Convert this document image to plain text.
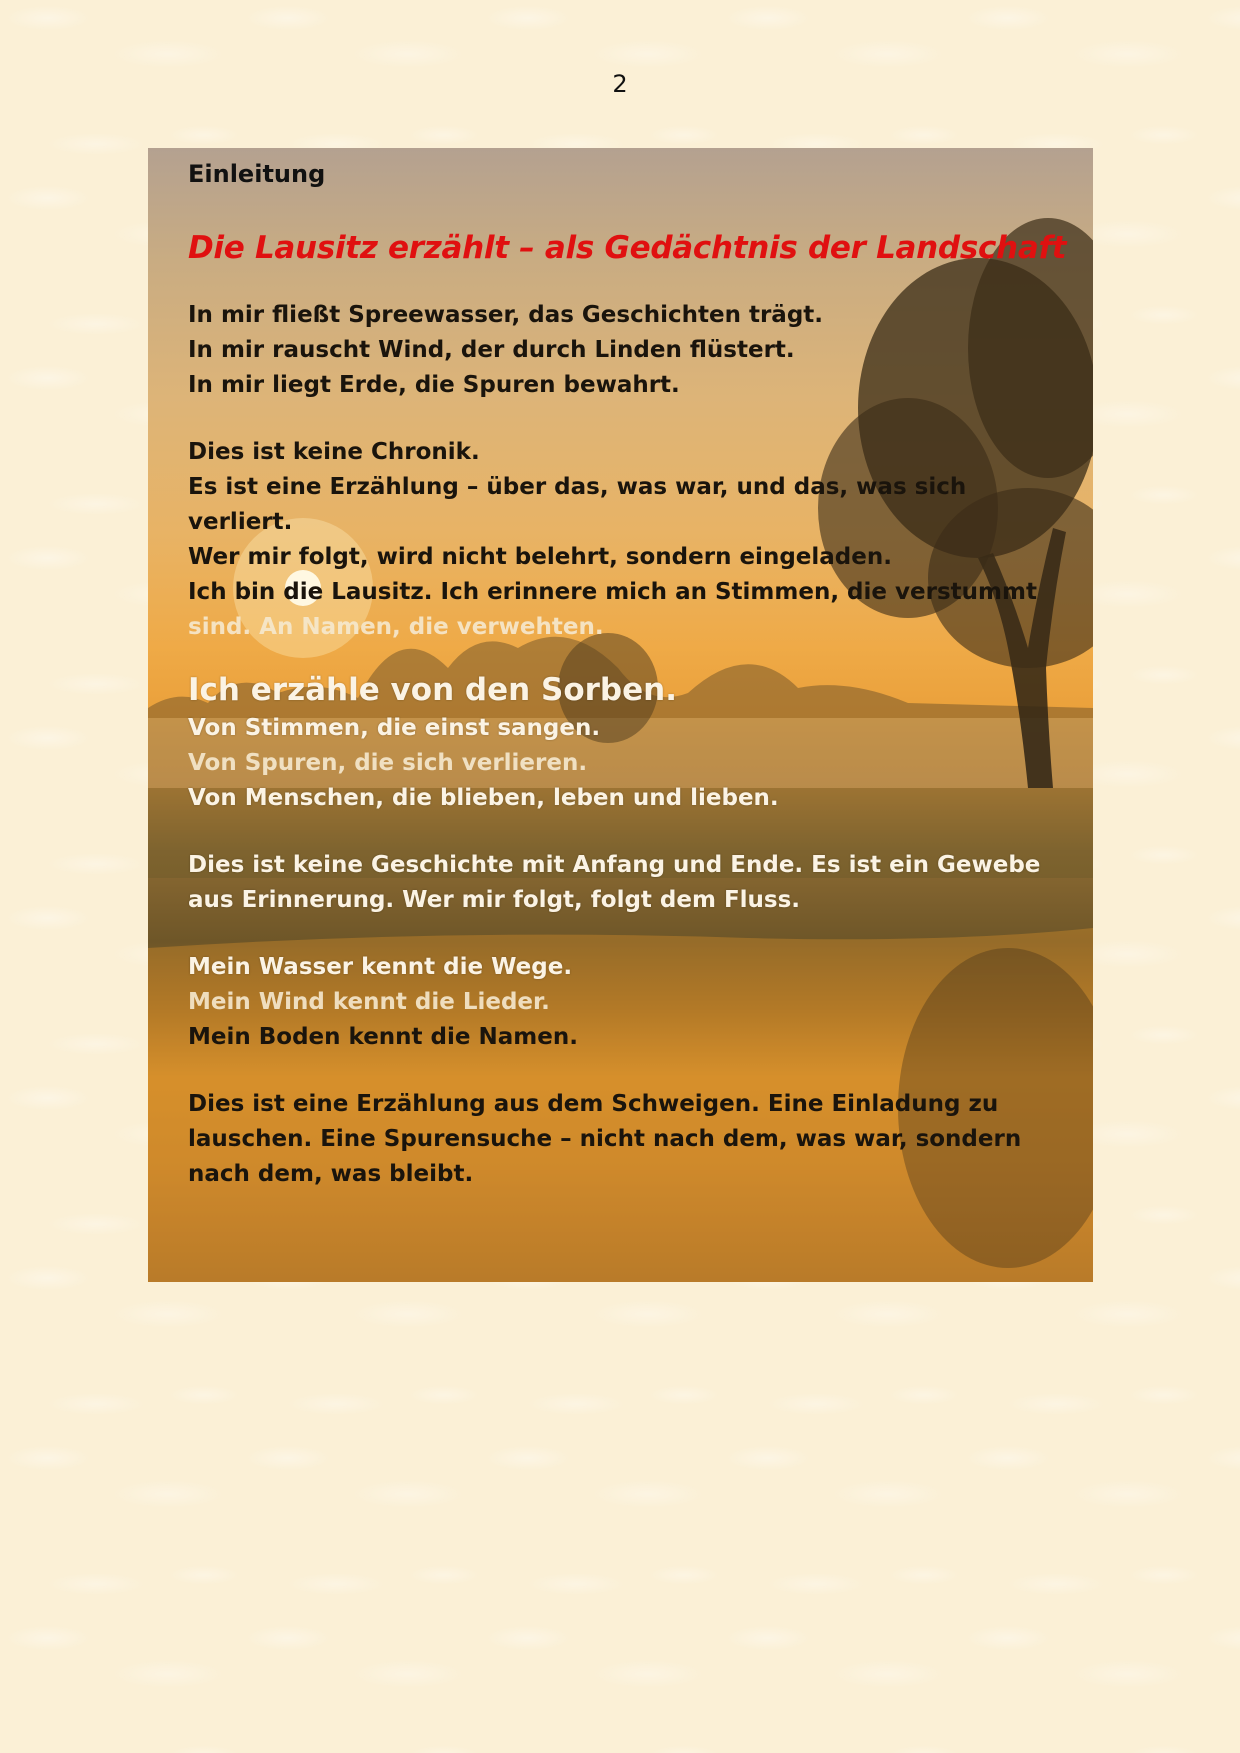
2
Einleitung
Die Lausitz erzählt – als Gedächtnis der Landschaft
In mir fließt Spreewasser, das Geschichten trägt.
In mir rauscht Wind, der durch Linden flüstert.
In mir liegt Erde, die Spuren bewahrt.
Dies ist keine Chronik.
Es ist eine Erzählung – über das, was war, und das, was sich
verliert.
Wer mir folgt, wird nicht belehrt, sondern eingeladen.
Ich bin die Lausitz. Ich erinnere mich an Stimmen, die verstummt
sind. An Namen, die verwehten.
Ich erzähle von den Sorben.
Von Stimmen, die einst sangen.
Von Spuren, die sich verlieren.
Von Menschen, die blieben, leben und lieben.
Dies ist keine Geschichte mit Anfang und Ende. Es ist ein Gewebe
aus Erinnerung. Wer mir folgt, folgt dem Fluss.
Mein Wasser kennt die Wege.
Mein Wind kennt die Lieder.
Mein Boden kennt die Namen.
Dies ist eine Erzählung aus dem Schweigen. Eine Einladung zu
lauschen. Eine Spurensuche – nicht nach dem, was war, sondern
nach dem, was bleibt.
